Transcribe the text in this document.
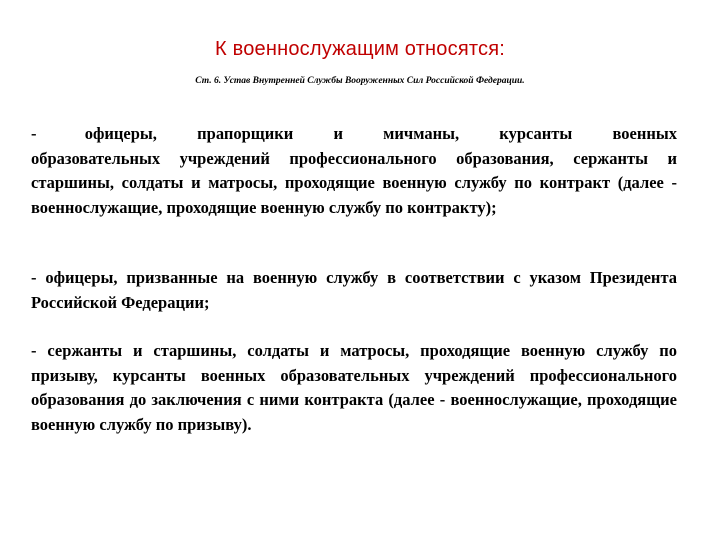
К военнослужащим относятся:
Ст. 6. Устав Внутренней Службы Вооруженных Сил Российской Федерации.

-      офицеры,     прапорщики     и     мичманы,     курсанты     военных образовательных учреждений профессионального образования, сержанты и старшины, солдаты и матросы, проходящие военную службу по контракт (далее - военнослужащие, проходящие военную службу по контракту);

- офицеры, призванные на военную службу в соответствии с указом Президента Российской Федерации;

- сержанты и старшины, солдаты и матросы, проходящие военную службу по призыву, курсанты военных образовательных учреждений профессионального образования до заключения с ними контракта (далее - военнослужащие, проходящие военную службу по призыву).
